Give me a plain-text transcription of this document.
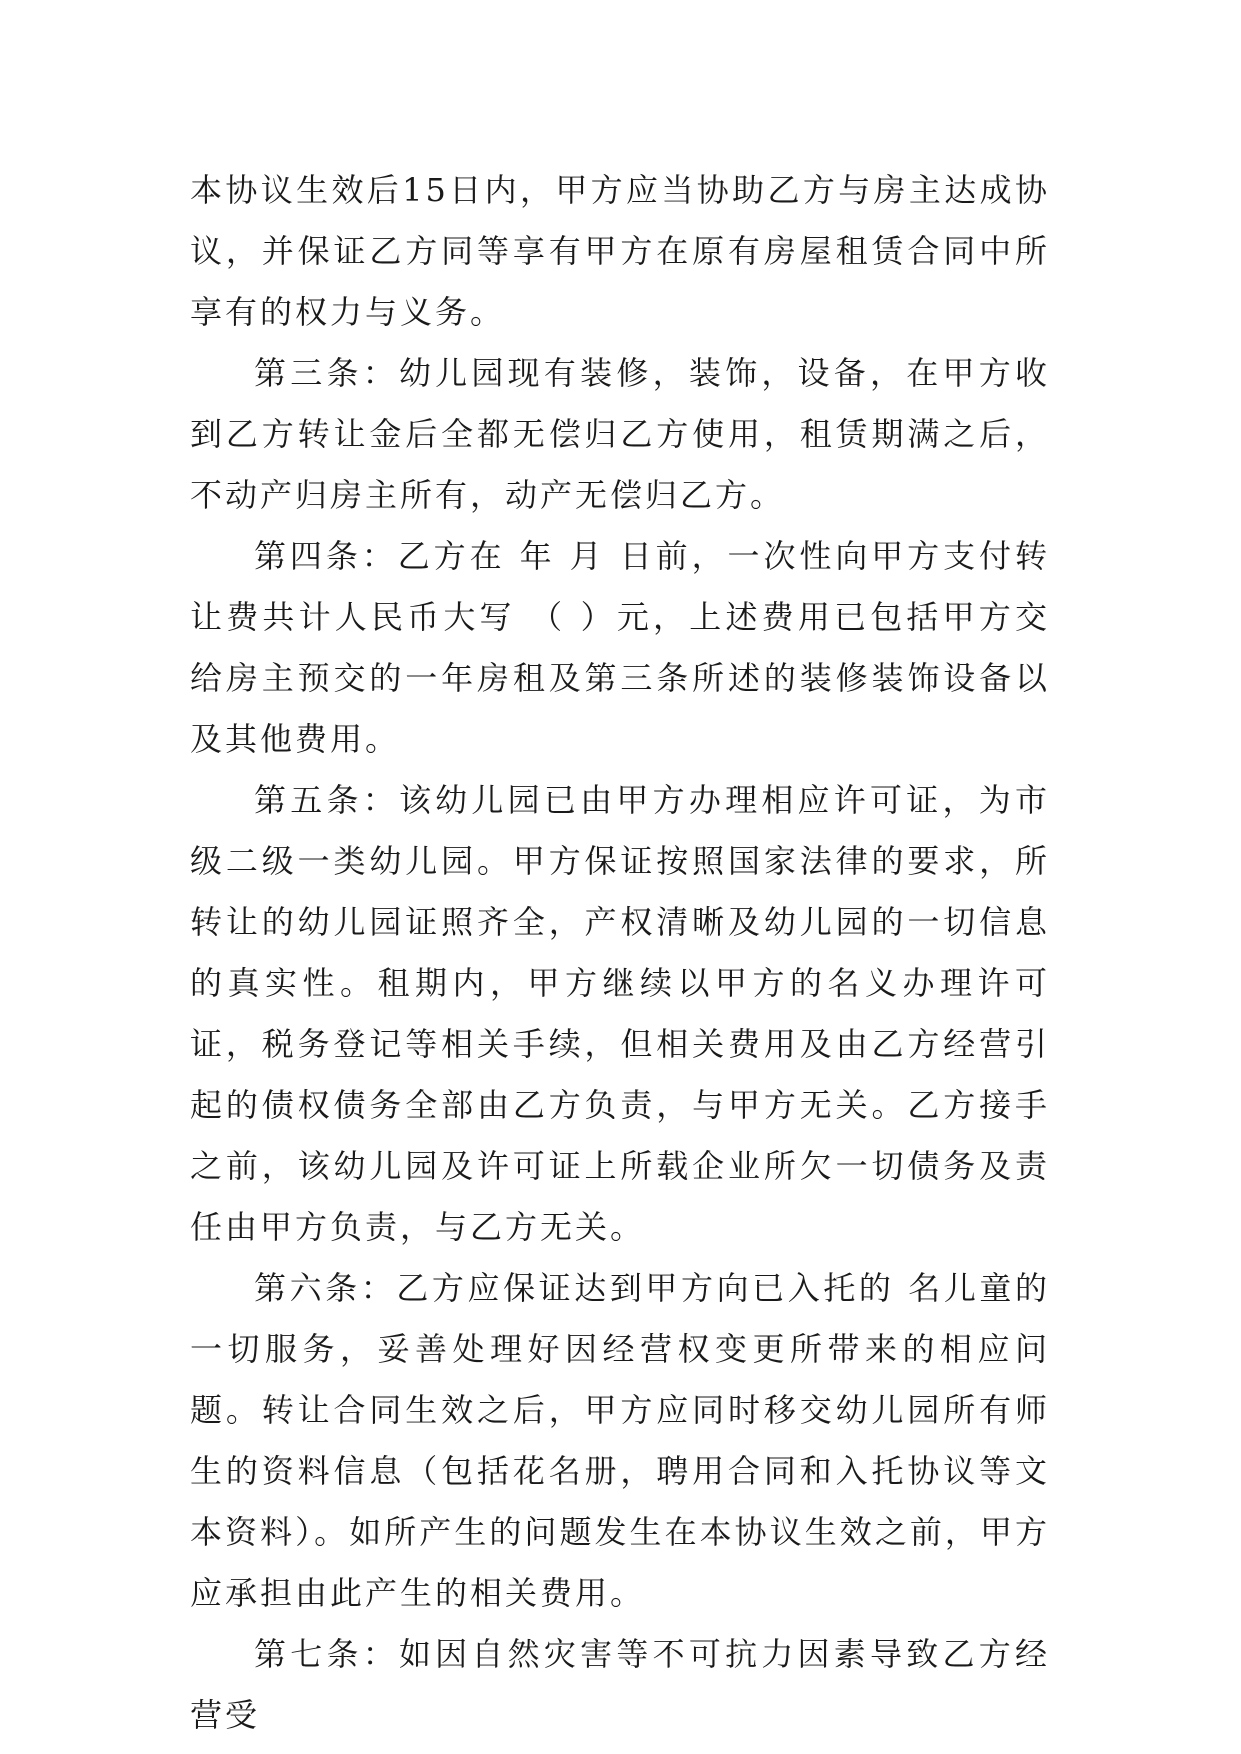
本协议生效后15日内，甲方应当协助乙方与房主达成协议，并保证乙方同等享有甲方在原有房屋租赁合同中所享有的权力与义务。

第三条：幼儿园现有装修，装饰，设备，在甲方收到乙方转让金后全都无偿归乙方使用，租赁期满之后，不动产归房主所有，动产无偿归乙方。

第四条：乙方在 年 月 日前，一次性向甲方支付转让费共计人民币大写 （ ）元，上述费用已包括甲方交给房主预交的一年房租及第三条所述的装修装饰设备以及其他费用。

第五条：该幼儿园已由甲方办理相应许可证，为市级二级一类幼儿园。甲方保证按照国家法律的要求，所转让的幼儿园证照齐全，产权清晰及幼儿园的一切信息的真实性。租期内，甲方继续以甲方的名义办理许可证，税务登记等相关手续，但相关费用及由乙方经营引起的债权债务全部由乙方负责，与甲方无关。乙方接手之前，该幼儿园及许可证上所载企业所欠一切债务及责任由甲方负责，与乙方无关。

第六条：乙方应保证达到甲方向已入托的 名儿童的一切服务，妥善处理好因经营权变更所带来的相应问题。转让合同生效之后，甲方应同时移交幼儿园所有师生的资料信息（包括花名册，聘用合同和入托协议等文本资料）。如所产生的问题发生在本协议生效之前，甲方应承担由此产生的相关费用。

第七条：如因自然灾害等不可抗力因素导致乙方经营受
